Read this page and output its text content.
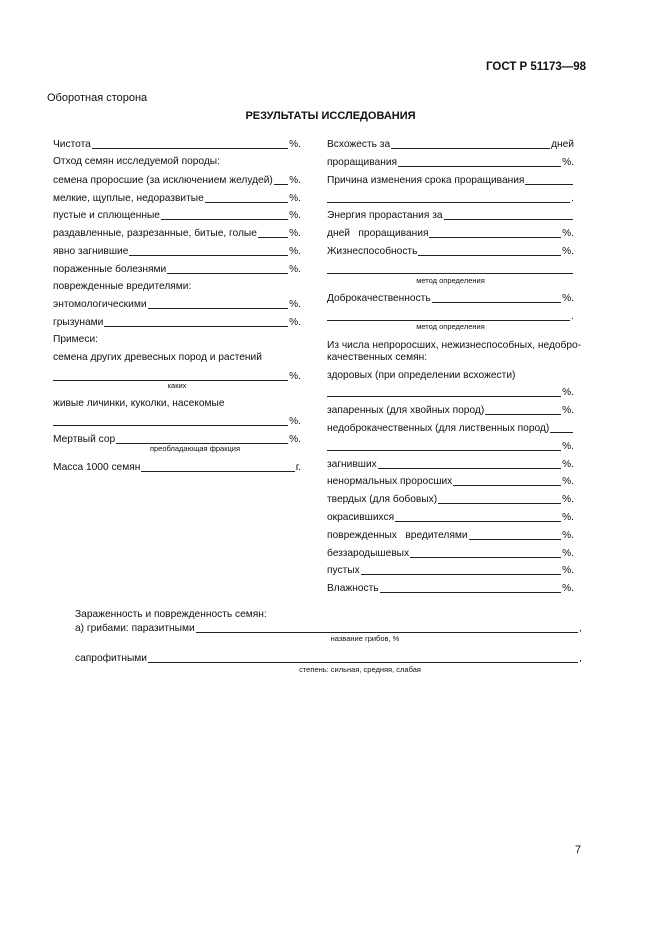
ГОСТ Р 51173—98
Оборотная сторона
РЕЗУЛЬТАТЫ ИССЛЕДОВАНИЯ
Чистота	%.
Отход семян исследуемой породы:
семена проросшие (за исключением желудей) %.
мелкие, щуплые, недоразвитые	%.
пустые и сплющенные	%.
раздавленные, разрезанные, битые, голые	%.
явно загнившие	%.
пораженные болезнями	%.
поврежденные вредителями:
энтомологическими	%.
грызунами	%.
Примеси:
семена других древесных пород и растений
%.
каких
живые личинки, куколки, насекомые
%.
Мертвый сор	%.
преобладающая фракция
Масса 1000 семян	г.
Всхожесть за	дней
проращивания	%.
Причина изменения срока проращивания
.
Энергия прорастания за
дней   проращивания	%.
Жизнеспособность	%.
метод определения
Доброкачественность	%.
.
метод определения
Из числа непроросших, нежизнеспособных, недобро-
качественных семян:
здоровых (при определении всхожести)
%.
запаренных (для хвойных пород)	%.
недоброкачественных (для лиственных пород)
%.
загнивших	%.
ненормальных проросших	%.
твердых (для бобовых)	%.
окрасившихся	%.
поврежденных   вредителями	%.
беззародышевых	%.
пустых	%.
Влажность	%.
Зараженность и поврежденность семян:
а) грибами: паразитными	,
название грибов, %
сапрофитными	,
степень: сильная, средняя, слабая
7
